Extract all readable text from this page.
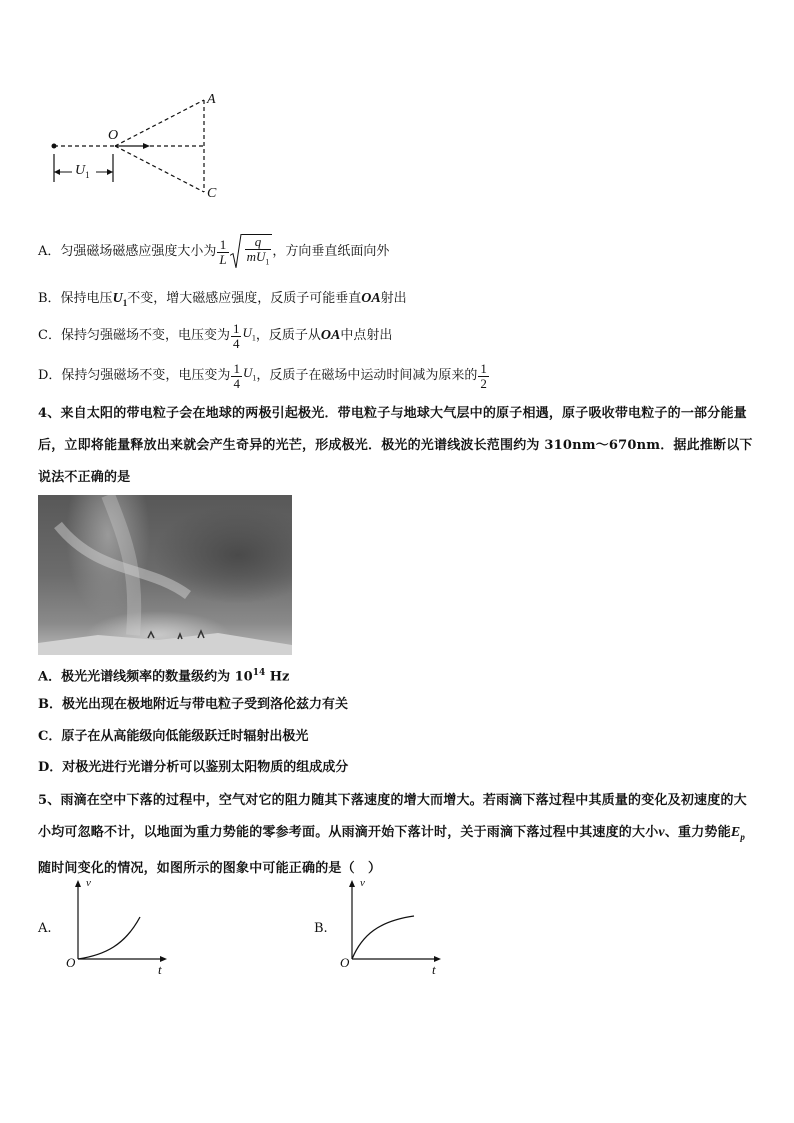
A
O
C
$U_1$
A．匀强磁场磁感应强度大小为 $\frac{1}{L} \frac{q}{mU_1}$ ，方向垂直纸面向外
B．保持电压$U_1$不变，增大磁感应强度，反质子可能垂直OA射出
C．保持匀强磁场不变，电压变为 $\frac{1}{4} U_1$ ，反质子从 OA 中点射出
D．保持匀强磁场不变，电压变为 $\frac{1}{4} U_1$ ，反质子在磁场中运动时间减为原来的 $\frac{1}{2}$
4、来自太阳的带电粒子会在地球的两极引起极光．带电粒子与地球大气层中的原子相遇，原子吸收带电粒子的一部分能量后，立即将能量释放出来就会产生奇异的光芒，形成极光．极光的光谱线波长范围约为 310nm～670nm．据此推断以下说法不正确的是
A．极光光谱线频率的数量级约为 $10^{14}$ Hz
B．极光出现在极地附近与带电粒子受到洛伦兹力有关
C．原子在从高能级向低能级跃迁时辐射出极光
D．对极光进行光谱分析可以鉴别太阳物质的组成成分
5、雨滴在空中下落的过程中，空气对它的阻力随其下落速度的增大而增大。若雨滴下落过程中其质量的变化及初速度的大小均可忽略不计，以地面为重力势能的零参考面。从雨滴开始下落计时，关于雨滴下落过程中其速度的大小v、重力势能$E_p$随时间变化的情况，如图所示的图象中可能正确的是（　）
A.
v
t
O
B.
v
t
O
